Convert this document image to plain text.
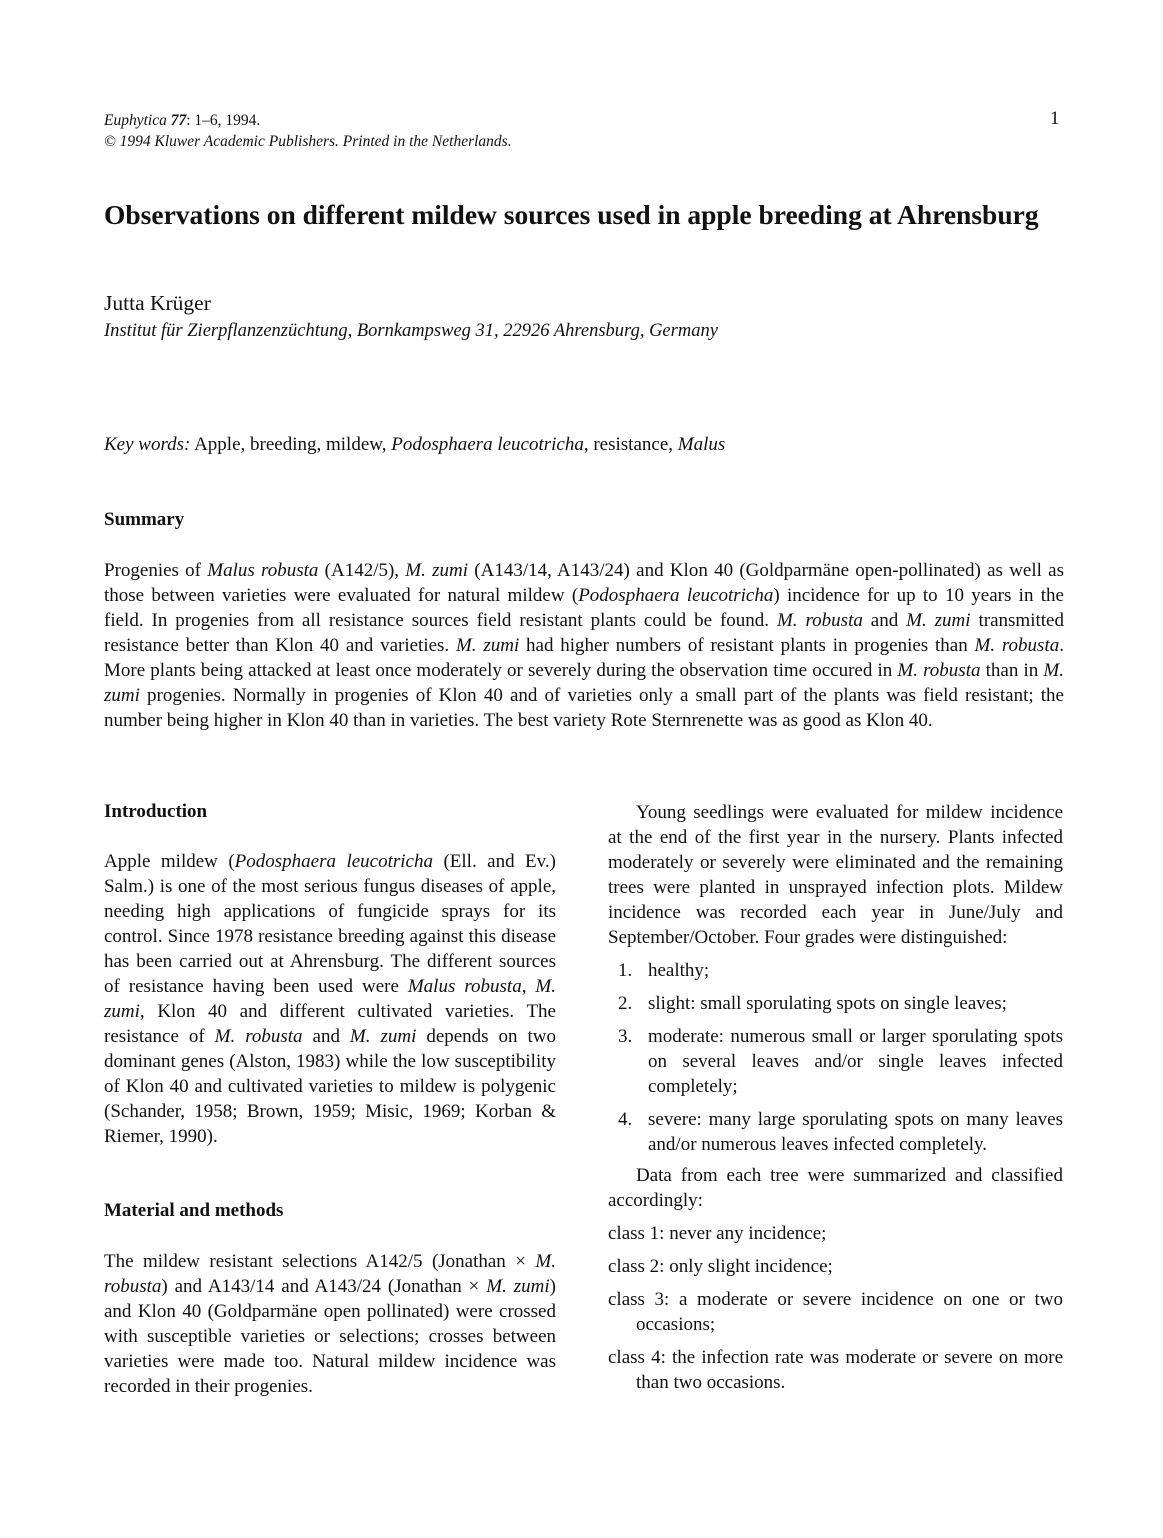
Euphytica 77: 1–6, 1994.
© 1994 Kluwer Academic Publishers. Printed in the Netherlands.
1
Observations on different mildew sources used in apple breeding at Ahrensburg
Jutta Krüger
Institut für Zierpflanzenzüchtung, Bornkampsweg 31, 22926 Ahrensburg, Germany
Key words: Apple, breeding, mildew, Podosphaera leucotricha, resistance, Malus
Summary
Progenies of Malus robusta (A142/5), M. zumi (A143/14, A143/24) and Klon 40 (Goldparmäne open-pollinated) as well as those between varieties were evaluated for natural mildew (Podosphaera leucotricha) incidence for up to 10 years in the field. In progenies from all resistance sources field resistant plants could be found. M. robusta and M. zumi transmitted resistance better than Klon 40 and varieties. M. zumi had higher numbers of resistant plants in progenies than M. robusta. More plants being attacked at least once moderately or severely during the observation time occured in M. robusta than in M. zumi progenies. Normally in progenies of Klon 40 and of varieties only a small part of the plants was field resistant; the number being higher in Klon 40 than in varieties. The best variety Rote Sternrenette was as good as Klon 40.
Introduction
Apple mildew (Podosphaera leucotricha (Ell. and Ev.) Salm.) is one of the most serious fungus diseases of apple, needing high applications of fungicide sprays for its control. Since 1978 resistance breeding against this disease has been carried out at Ahrensburg. The different sources of resistance having been used were Malus robusta, M. zumi, Klon 40 and different cultivated varieties. The resistance of M. robusta and M. zumi depends on two dominant genes (Alston, 1983) while the low susceptibility of Klon 40 and cultivated varieties to mildew is polygenic (Schander, 1958; Brown, 1959; Misic, 1969; Korban & Riemer, 1990).
Material and methods
The mildew resistant selections A142/5 (Jonathan × M. robusta) and A143/14 and A143/24 (Jonathan × M. zumi) and Klon 40 (Goldparmäne open pollinated) were crossed with susceptible varieties or selections; crosses between varieties were made too. Natural mildew incidence was recorded in their progenies.

Young seedlings were evaluated for mildew incidence at the end of the first year in the nursery. Plants infected moderately or severely were eliminated and the remaining trees were planted in unsprayed infection plots. Mildew incidence was recorded each year in June/July and September/October. Four grades were distinguished:

1. healthy;
2. slight: small sporulating spots on single leaves;
3. moderate: numerous small or larger sporulating spots on several leaves and/or single leaves infected completely;
4. severe: many large sporulating spots on many leaves and/or numerous leaves infected completely.

Data from each tree were summarized and classified accordingly:

class 1: never any incidence;
class 2: only slight incidence;
class 3: a moderate or severe incidence on one or two occasions;
class 4: the infection rate was moderate or severe on more than two occasions.
